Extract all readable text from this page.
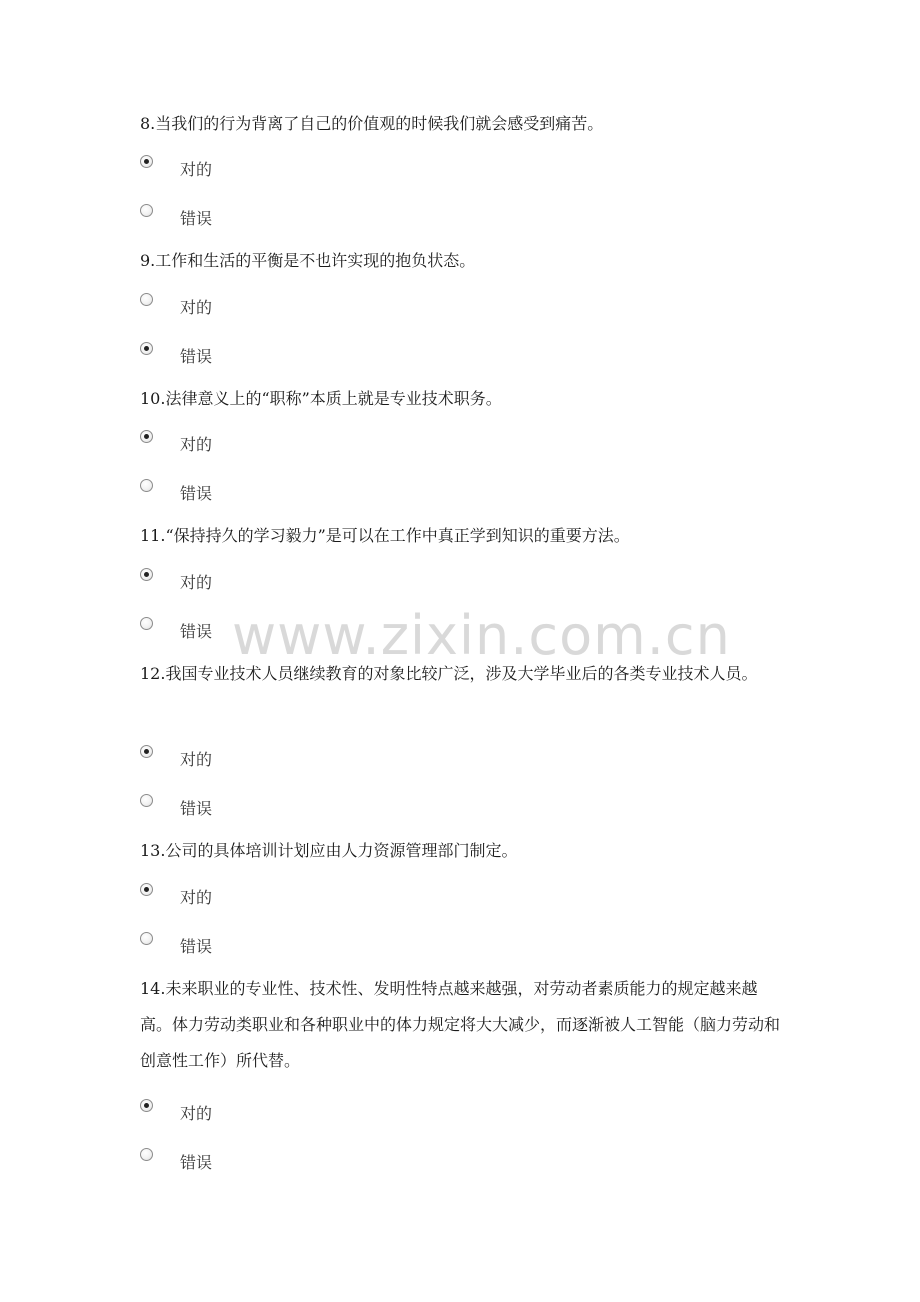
8.当我们的行为背离了自己的价值观的时候我们就会感受到痛苦。
对的
错误
9.工作和生活的平衡是不也许实现的抱负状态。
对的
错误
10.法律意义上的“职称”本质上就是专业技术职务。
对的
错误
11.“保持持久的学习毅力”是可以在工作中真正学到知识的重要方法。
对的
错误
12.我国专业技术人员继续教育的对象比较广泛，涉及大学毕业后的各类专业技术人员。
对的
错误
13.公司的具体培训计划应由人力资源管理部门制定。
对的
错误
14.未来职业的专业性、技术性、发明性特点越来越强，对劳动者素质能力的规定越来越高。体力劳动类职业和各种职业中的体力规定将大大减少，而逐渐被人工智能（脑力劳动和创意性工作）所代替。
对的
错误
www.zixin.com.cn
